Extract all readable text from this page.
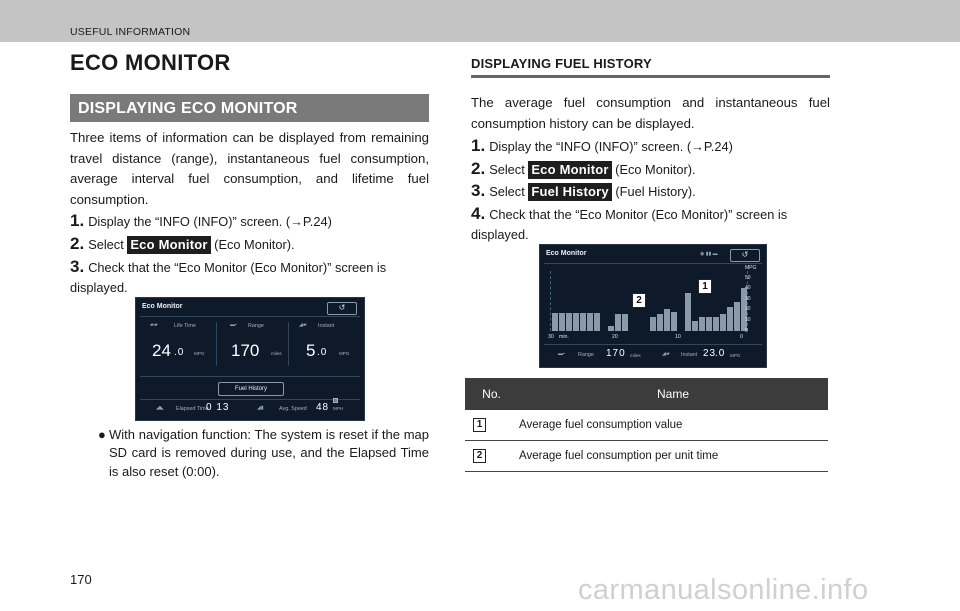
USEFUL INFORMATION
ECO MONITOR
DISPLAYING ECO MONITOR

Three items of information can be displayed from remaining travel distance (range), instantaneous fuel consumption, average interval fuel consumption, and lifetime fuel consumption.

1. Display the “INFO (INFO)” screen. (→P.24)
2. Select Eco Monitor (Eco Monitor).
3. Check that the “Eco Monitor (Eco Monitor)” screen is displayed.
Eco Monitor	↺
▰▰	Life Time	▬▪ Range	◢▰ Instant
24 .0 MPG 170	miles 5 .0	MPG
Fuel History
◢◣ Elapsed Time
0 13	◢▮	Avg. Speed 48
B
MPH
● With navigation function: The system is reset if the map SD card is removed during use, and the Elapsed Time is also reset (0:00).
DISPLAYING FUEL HISTORY

The average fuel consumption and instantaneous fuel consumption history can be displayed.

1. Display the “INFO (INFO)” screen. (→P.24)
2. Select Eco Monitor (Eco Monitor).
3. Select Fuel History (Fuel History).
4. Check that the “Eco Monitor (Eco Monitor)” screen is displayed.
Eco Monitor	◉ ▮▮ ▬	↺
MPG
50
40
30
20
10
0
30 min.	20	10	0
▬▪ Range 170 miles	◢▰ Instant 23
.0 MPG
2
1
No.	Name
1	Average fuel consumption value
2	Average fuel consumption per unit time
170	carmanualsonline.info
